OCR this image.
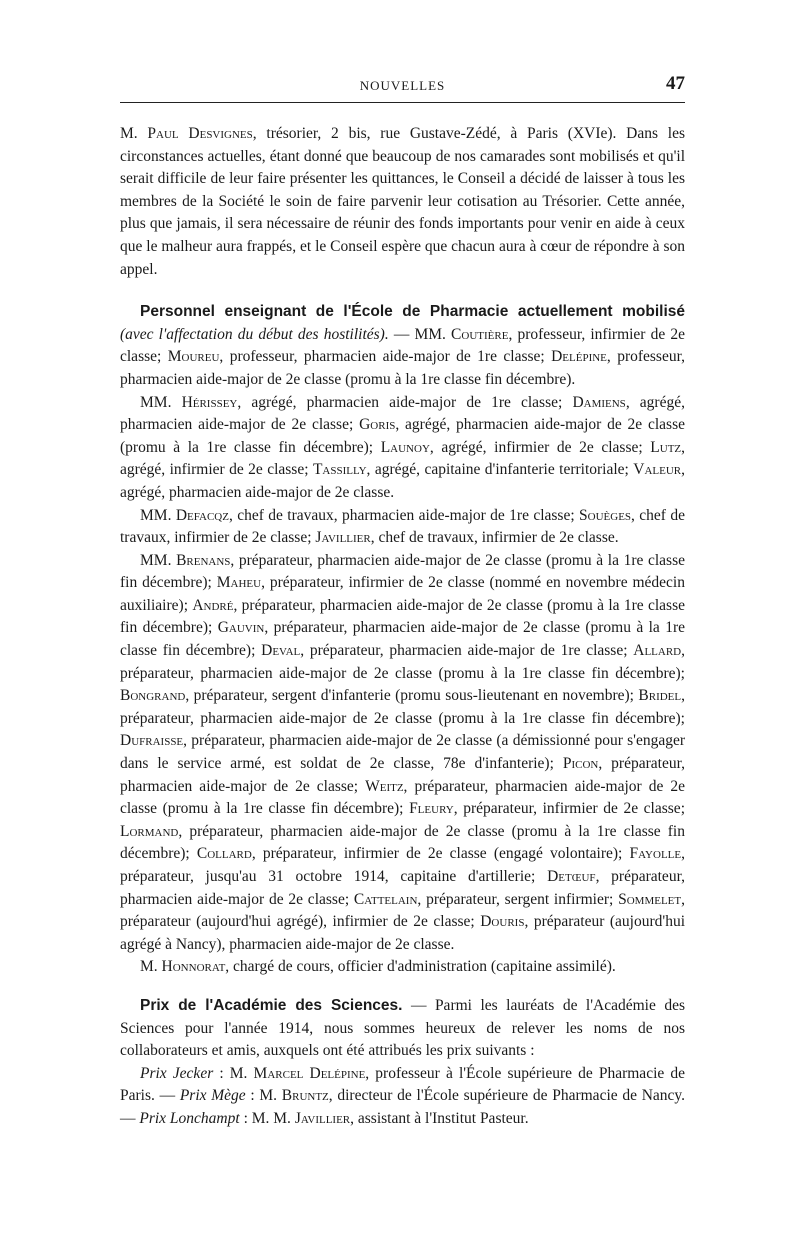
NOUVELLES	47

M. Paul Desvignes, trésorier, 2 bis, rue Gustave-Zédé, à Paris (XVIe). Dans les circonstances actuelles, étant donné que beaucoup de nos camarades sont mobilisés et qu'il serait difficile de leur faire présenter les quittances, le Conseil a décidé de laisser à tous les membres de la Société le soin de faire parvenir leur cotisation au Trésorier. Cette année, plus que jamais, il sera nécessaire de réunir des fonds importants pour venir en aide à ceux que le malheur aura frappés, et le Conseil espère que chacun aura à cœur de répondre à son appel.

Personnel enseignant de l'École de Pharmacie actuellement mobilisé (avec l'affectation du début des hostilités). — MM. Coutière, professeur, infirmier de 2e classe; Moureu, professeur, pharmacien aide-major de 1re classe; Delépine, professeur, pharmacien aide-major de 2e classe (promu à la 1re classe fin décembre).

MM. Hérissey, agrégé, pharmacien aide-major de 1re classe; Damiens, agrégé, pharmacien aide-major de 2e classe; Goris, agrégé, pharmacien aide-major de 2e classe (promu à la 1re classe fin décembre); Launoy, agrégé, infirmier de 2e classe; Lutz, agrégé, infirmier de 2e classe; Tassilly, agrégé, capitaine d'infanterie territoriale; Valeur, agrégé, pharmacien aide-major de 2e classe.

MM. Defacqz, chef de travaux, pharmacien aide-major de 1re classe; Souèges, chef de travaux, infirmier de 2e classe; Javillier, chef de travaux, infirmier de 2e classe.

MM. Brenans, préparateur, pharmacien aide-major de 2e classe (promu à la 1re classe fin décembre); Maheu, préparateur, infirmier de 2e classe (nommé en novembre médecin auxiliaire); André, préparateur, pharmacien aide-major de 2e classe (promu à la 1re classe fin décembre); Gauvin, préparateur, pharmacien aide-major de 2e classe (promu à la 1re classe fin décembre); Deval, préparateur, pharmacien aide-major de 1re classe; Allard, préparateur, pharmacien aide-major de 2e classe (promu à la 1re classe fin décembre); Bongrand, préparateur, sergent d'infanterie (promu sous-lieutenant en novembre); Bridel, préparateur, pharmacien aide-major de 2e classe (promu à la 1re classe fin décembre); Dufraisse, préparateur, pharmacien aide-major de 2e classe (a démissionné pour s'engager dans le service armé, est soldat de 2e classe, 78e d'infanterie); Picon, préparateur, pharmacien aide-major de 2e classe; Weitz, préparateur, pharmacien aide-major de 2e classe (promu à la 1re classe fin décembre); Fleury, préparateur, infirmier de 2e classe; Lormand, préparateur, pharmacien aide-major de 2e classe (promu à la 1re classe fin décembre); Collard, préparateur, infirmier de 2e classe (engagé volontaire); Fayolle, préparateur, jusqu'au 31 octobre 1914, capitaine d'artillerie; Detœuf, préparateur, pharmacien aide-major de 2e classe; Cattelain, préparateur, sergent infirmier; Sommelet, préparateur (aujourd'hui agrégé), infirmier de 2e classe; Douris, préparateur (aujourd'hui agrégé à Nancy), pharmacien aide-major de 2e classe.

M. Honnorat, chargé de cours, officier d'administration (capitaine assimilé).

Prix de l'Académie des Sciences. — Parmi les lauréats de l'Académie des Sciences pour l'année 1914, nous sommes heureux de relever les noms de nos collaborateurs et amis, auxquels ont été attribués les prix suivants :

Prix Jecker : M. Marcel Delépine, professeur à l'École supérieure de Pharmacie de Paris. — Prix Mège : M. Bruntz, directeur de l'École supérieure de Pharmacie de Nancy. — Prix Lonchampt : M. M. Javillier, assistant à l'Institut Pasteur.
